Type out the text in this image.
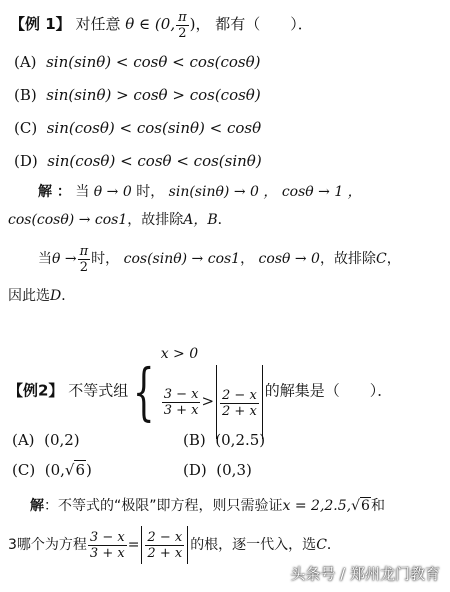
【例 1】 对任意 θ ∈ (0, $\frac{\pi}{2}$ )， 都有（　　）．
(A) sin(sinθ) < cosθ < cos(cosθ)
(B) sin(sinθ) > cosθ > cos(cosθ)
(C) sin(cosθ) < cos(sinθ) < cosθ
(D) sin(cosθ) < cosθ < cos(sinθ)
解 ： 当 θ → 0 时， sin(sinθ) → 0 ， cosθ → 1 ，
cos(cosθ) → cos1，故排除A，B．
当$\theta \to \frac{\pi}{2}$ 时， cos(sinθ) → cos1， cosθ → 0，故排除C，
因此选D．
【例2】 不等式组{
x > 0
$\frac{3 - x}{3 + x} > \frac{2 - x}{2 + x}$ 的解集是（　　）．
(A) (0,2)	(B) (0,2.5)
(C) (0,√6)	(D) (0,3)
解：不等式的“极限”即方程，则只需验证x = 2,2.5,√6和
3哪个为方程 $\frac{3 - x}{3 + x} = \frac{2 - x}{2 + x}$ 的根，逐一代入，选C．
头条号 / 郑州龙门教育
